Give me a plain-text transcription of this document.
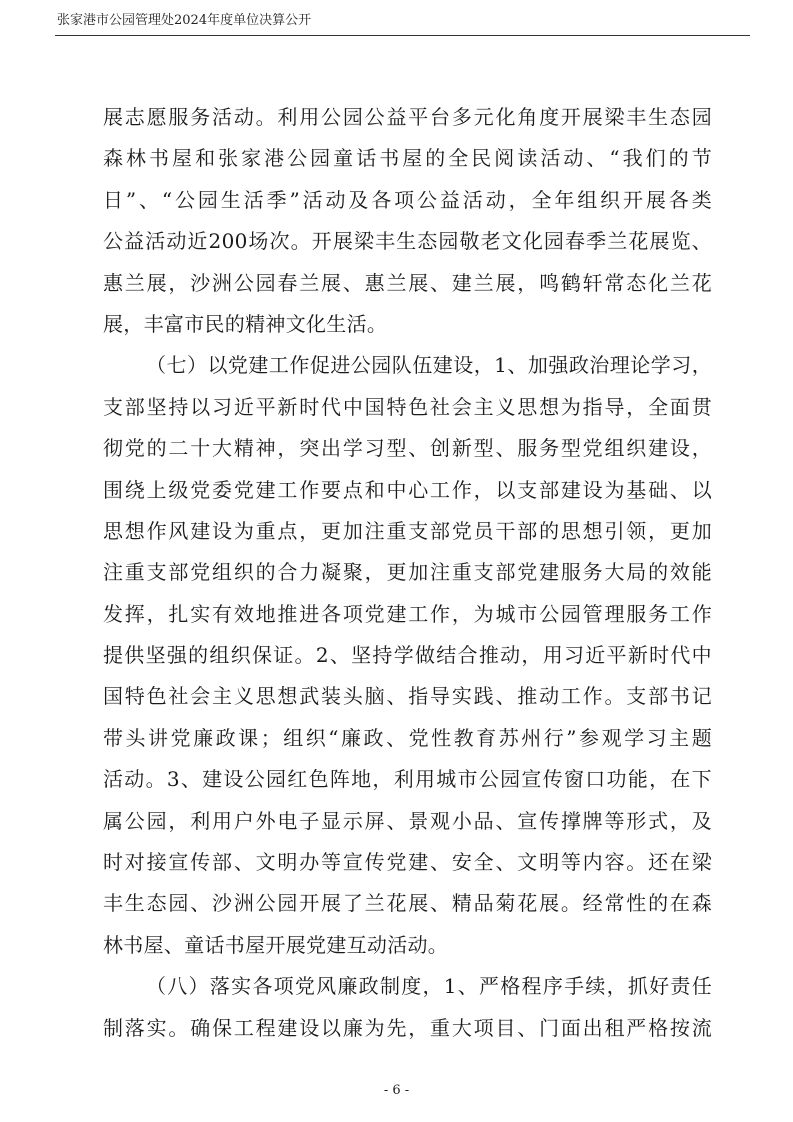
张家港市公园管理处2024年度单位决算公开
展志愿服务活动。利用公园公益平台多元化角度开展梁丰生态园
森林书屋和张家港公园童话书屋的全民阅读活动、“我们的节
日”、“公园生活季”活动及各项公益活动，全年组织开展各类
公益活动近200场次。开展梁丰生态园敬老文化园春季兰花展览、
惠兰展，沙洲公园春兰展、惠兰展、建兰展，鸣鹤轩常态化兰花
展，丰富市民的精神文化生活。
（七）以党建工作促进公园队伍建设，1、加强政治理论学习，
支部坚持以习近平新时代中国特色社会主义思想为指导，全面贯
彻党的二十大精神，突出学习型、创新型、服务型党组织建设，
围绕上级党委党建工作要点和中心工作，以支部建设为基础、以
思想作风建设为重点，更加注重支部党员干部的思想引领，更加
注重支部党组织的合力凝聚，更加注重支部党建服务大局的效能
发挥，扎实有效地推进各项党建工作，为城市公园管理服务工作
提供坚强的组织保证。2、坚持学做结合推动，用习近平新时代中
国特色社会主义思想武装头脑、指导实践、推动工作。支部书记
带头讲党廉政课；组织“廉政、党性教育苏州行”参观学习主题
活动。3、建设公园红色阵地，利用城市公园宣传窗口功能，在下
属公园，利用户外电子显示屏、景观小品、宣传撑牌等形式，及
时对接宣传部、文明办等宣传党建、安全、文明等内容。还在梁
丰生态园、沙洲公园开展了兰花展、精品菊花展。经常性的在森
林书屋、童话书屋开展党建互动活动。
（八）落实各项党风廉政制度，1、严格程序手续，抓好责任
制落实。确保工程建设以廉为先，重大项目、门面出租严格按流
- 6 -
